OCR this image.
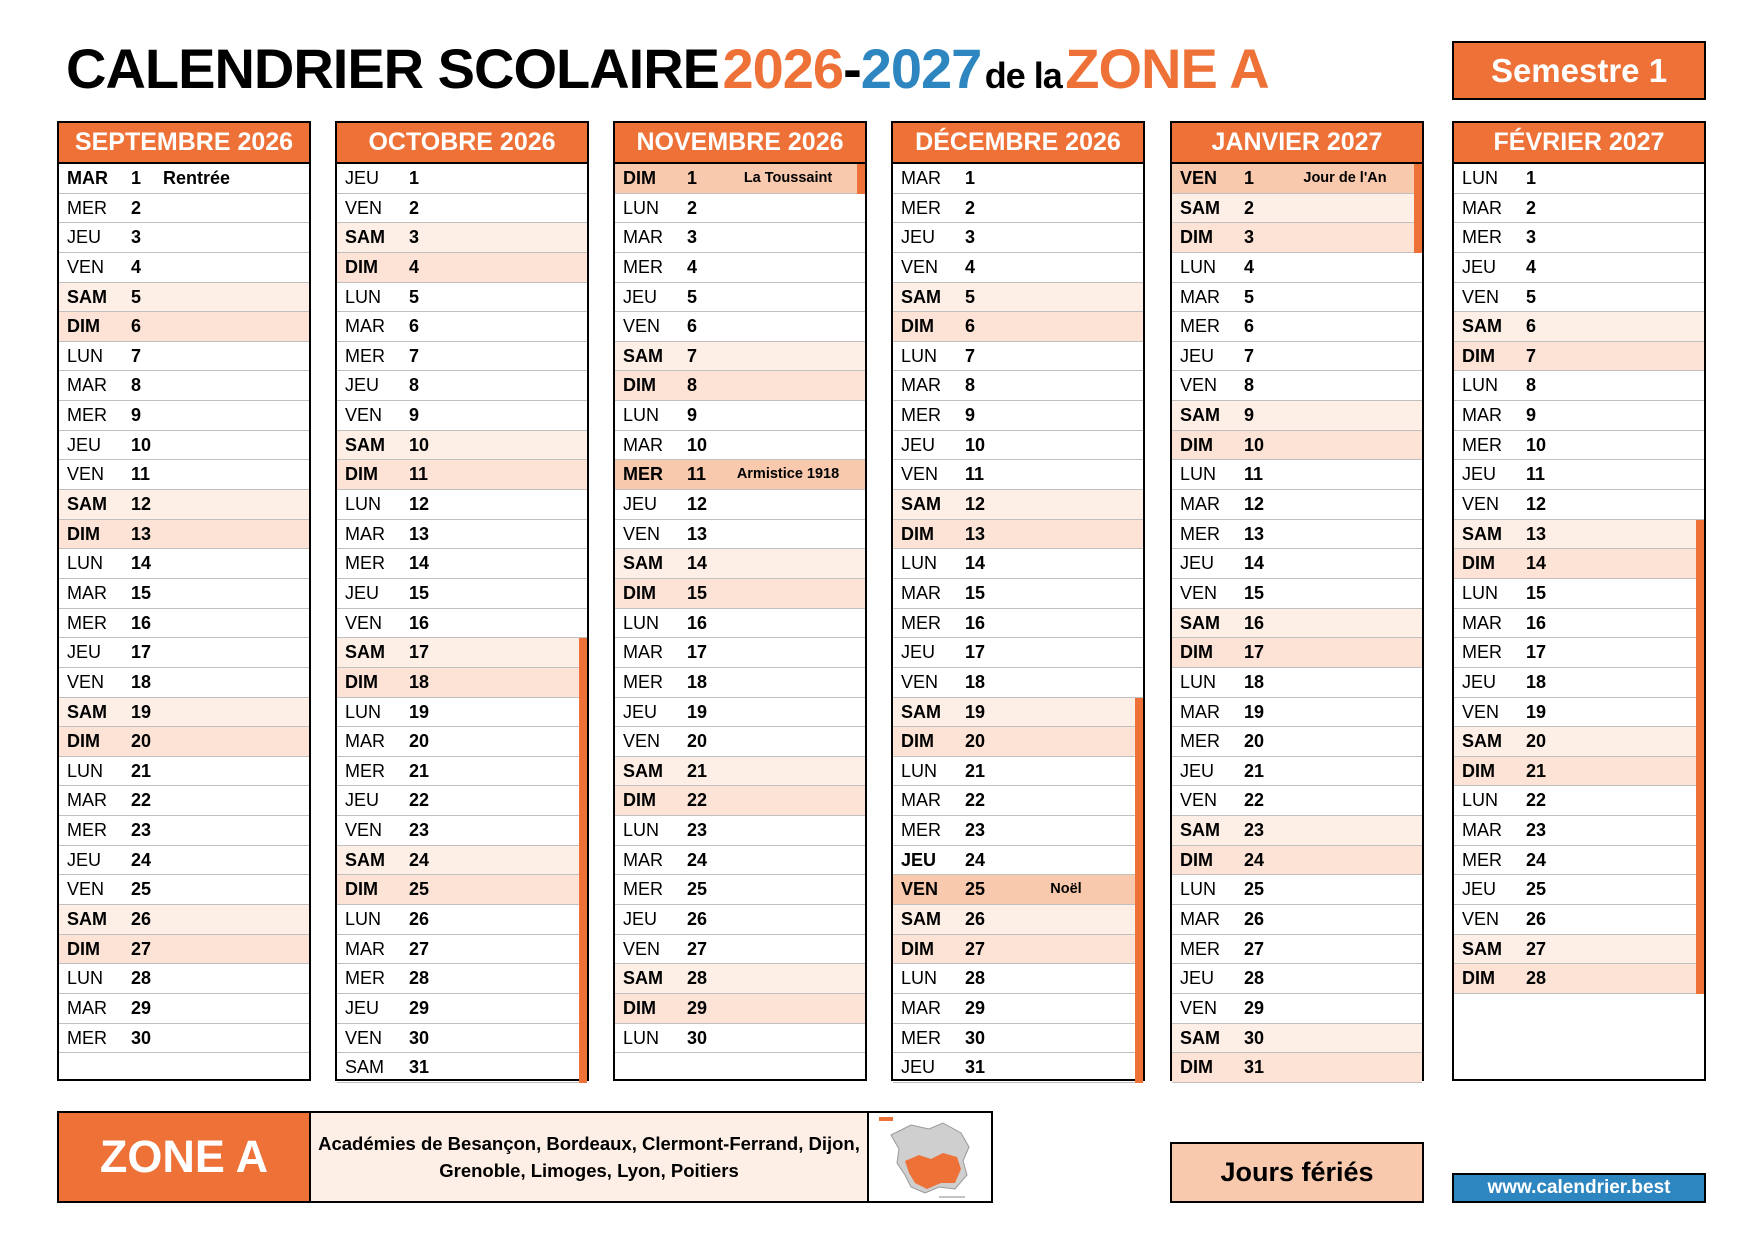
CALENDRIER SCOLAIRE 2026-2027 de la ZONE A	Semestre 1
SEPTEMBRE 2026
MAR	1 Rentrée
MER	2
JEU	3
VEN	4
SAM	5
DIM	6
LUN	7
MAR	8
MER	9
JEU	10
VEN	11
SAM	12
DIM	13
LUN	14
MAR	15
MER	16
JEU	17
VEN	18
SAM	19
DIM	20
LUN	21
MAR	22
MER	23
JEU	24
VEN	25
SAM	26
DIM	27
LUN	28
MAR	29
MER	30
OCTOBRE 2026
JEU	1
VEN	2
SAM	3
DIM	4
LUN	5
MAR	6
MER	7
JEU	8
VEN	9
SAM	10
DIM	11
LUN	12
MAR	13
MER	14
JEU	15
VEN	16
SAM	17
DIM	18
LUN	19
MAR	20
MER	21
JEU	22
VEN	23
SAM	24
DIM	25
LUN	26
MAR	27
MER	28
JEU	29
VEN	30
SAM	31
NOVEMBRE 2026
DIM	1	La Toussaint
LUN	2
MAR	3
MER	4
JEU	5
VEN	6
SAM	7
DIM	8
LUN	9
MAR	10
MER	11	Armistice 1918
JEU	12
VEN	13
SAM	14
DIM	15
LUN	16
MAR	17
MER	18
JEU	19
VEN	20
SAM	21
DIM	22
LUN	23
MAR	24
MER	25
JEU	26
VEN	27
SAM	28
DIM	29
LUN	30
DÉCEMBRE 2026
MAR	1
MER	2
JEU	3
VEN	4
SAM	5
DIM	6
LUN	7
MAR	8
MER	9
JEU	10
VEN	11
SAM	12
DIM	13
LUN	14
MAR	15
MER	16
JEU	17
VEN	18
SAM	19
DIM	20
LUN	21
MAR	22
MER	23
JEU	24
VEN	25	Noël
SAM	26
DIM	27
LUN	28
MAR	29
MER	30
JEU	31
JANVIER 2027
VEN	1	Jour de l'An
SAM	2
DIM	3
LUN	4
MAR	5
MER	6
JEU	7
VEN	8
SAM	9
DIM	10
LUN	11
MAR	12
MER	13
JEU	14
VEN	15
SAM	16
DIM	17
LUN	18
MAR	19
MER	20
JEU	21
VEN	22
SAM	23
DIM	24
LUN	25
MAR	26
MER	27
JEU	28
VEN	29
SAM	30
DIM	31
FÉVRIER 2027
LUN	1
MAR	2
MER	3
JEU	4
VEN	5
SAM	6
DIM	7
LUN	8
MAR	9
MER	10
JEU	11
VEN	12
SAM	13
DIM	14
LUN	15
MAR	16
MER	17
JEU	18
VEN	19
SAM	20
DIM	21
LUN	22
MAR	23
MER	24
JEU	25
VEN	26
SAM	27
DIM	28
ZONE A	Académies de Besançon, Bordeaux, Clermont-Ferrand, Dijon,
Grenoble, Limoges, Lyon, Poitiers	Jours fériés
www.calendrier.best
